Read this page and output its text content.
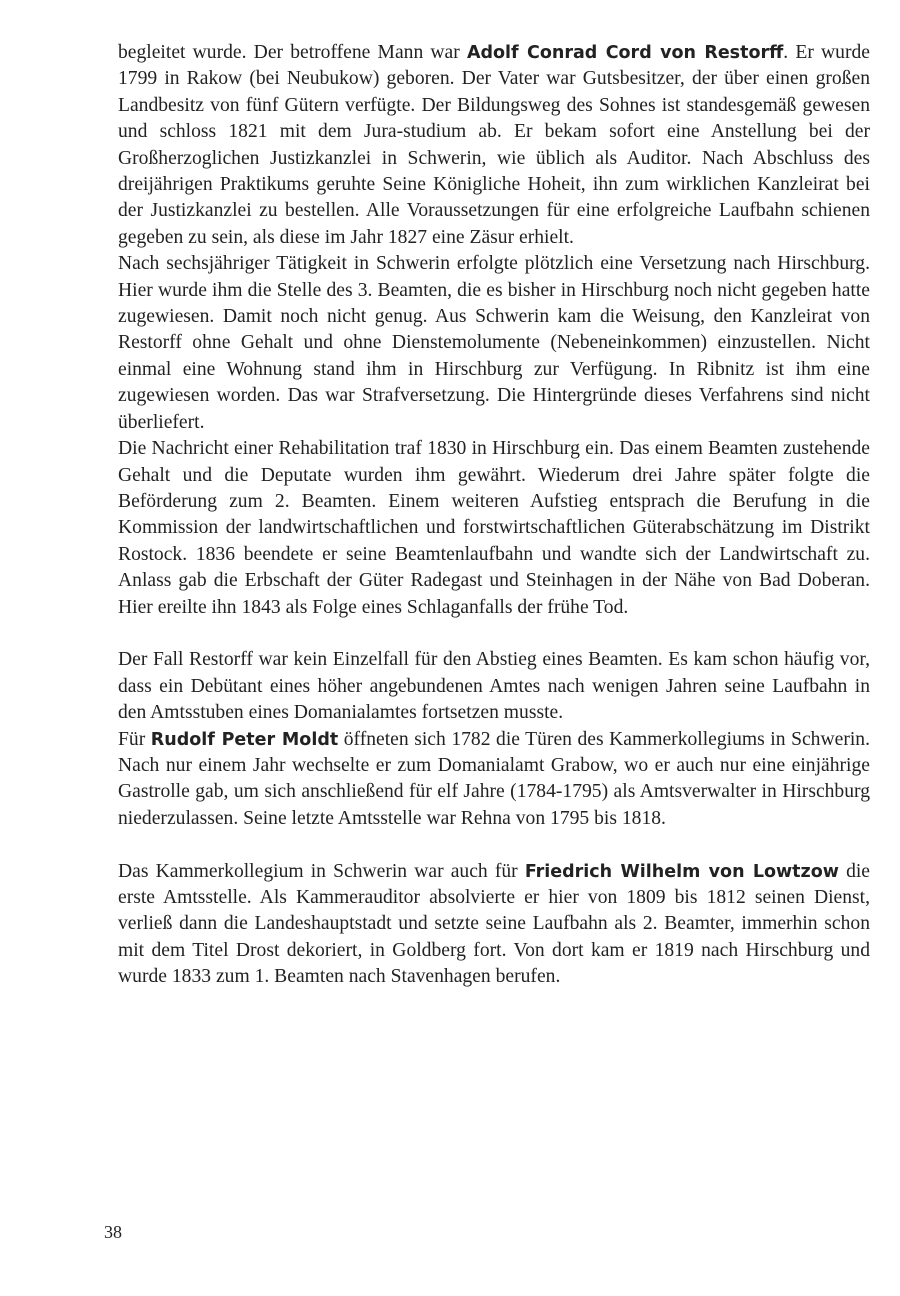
begleitet wurde. Der betroffene Mann war Adolf Conrad Cord von Restorff. Er wurde 1799 in Rakow (bei Neubukow) geboren. Der Vater war Gutsbesitzer, der über einen großen Landbesitz von fünf Gütern verfügte. Der Bildungsweg des Sohnes ist standesgemäß gewesen und schloss 1821 mit dem Jura-studium ab. Er bekam sofort eine Anstellung bei der Großherzoglichen Justizkanzlei in Schwerin, wie üblich als Auditor. Nach Abschluss des dreijährigen Praktikums geruhte Seine Königliche Hoheit, ihn zum wirklichen Kanzleirat bei der Justizkanzlei zu bestellen. Alle Voraussetzungen für eine erfolgreiche Laufbahn schienen gegeben zu sein, als diese im Jahr 1827 eine Zäsur erhielt.

Nach sechsjähriger Tätigkeit in Schwerin erfolgte plötzlich eine Versetzung nach Hirschburg. Hier wurde ihm die Stelle des 3. Beamten, die es bisher in Hirschburg noch nicht gegeben hatte zugewiesen. Damit noch nicht genug. Aus Schwerin kam die Weisung, den Kanzleirat von Restorff ohne Gehalt und ohne Dienstemolumente (Nebeneinkommen) einzustellen. Nicht einmal eine Wohnung stand ihm in Hirschburg zur Verfügung. In Ribnitz ist ihm eine zugewiesen worden. Das war Strafversetzung. Die Hintergründe dieses Verfahrens sind nicht überliefert.

Die Nachricht einer Rehabilitation traf 1830 in Hirschburg ein. Das einem Beamten zustehende Gehalt und die Deputate wurden ihm gewährt. Wiederum drei Jahre später folgte die Beförderung zum 2. Beamten. Einem weiteren Aufstieg entsprach die Berufung in die Kommission der landwirtschaftlichen und forstwirtschaftlichen Güterabschätzung im Distrikt Rostock. 1836 beendete er seine Beamtenlaufbahn und wandte sich der Landwirtschaft zu. Anlass gab die Erbschaft der Güter Radegast und Steinhagen in der Nähe von Bad Doberan. Hier ereilte ihn 1843 als Folge eines Schlaganfalls der frühe Tod.

Der Fall Restorff war kein Einzelfall für den Abstieg eines Beamten. Es kam schon häufig vor, dass ein Debütant eines höher angebundenen Amtes nach wenigen Jahren seine Laufbahn in den Amtsstuben eines Domanialamtes fortsetzen musste.

Für Rudolf Peter Moldt öffneten sich 1782 die Türen des Kammerkollegiums in Schwerin. Nach nur einem Jahr wechselte er zum Domanialamt Grabow, wo er auch nur eine einjährige Gastrolle gab, um sich anschließend für elf Jahre (1784-1795) als Amtsverwalter in Hirschburg niederzulassen. Seine letzte Amtsstelle war Rehna von 1795 bis 1818.

Das Kammerkollegium in Schwerin war auch für Friedrich Wilhelm von Lowtzow die erste Amtsstelle. Als Kammerauditor absolvierte er hier von 1809 bis 1812 seinen Dienst, verließ dann die Landeshauptstadt und setzte seine Laufbahn als 2. Beamter, immerhin schon mit dem Titel Drost dekoriert, in Goldberg fort. Von dort kam er 1819 nach Hirschburg und wurde 1833 zum 1. Beamten nach Stavenhagen berufen.

38
